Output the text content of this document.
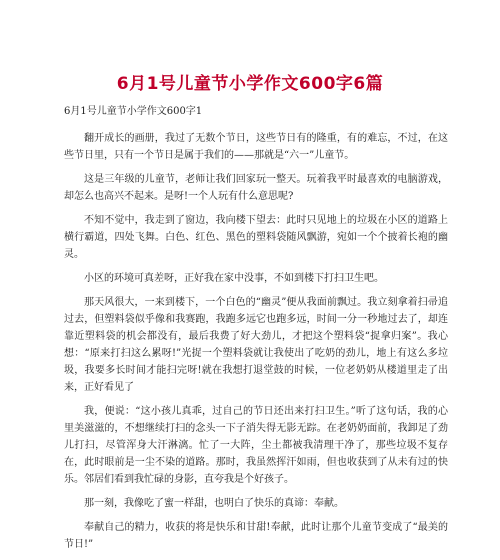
6月1号儿童节小学作文600字6篇
6月1号儿童节小学作文600字1

翻开成长的画册，我过了无数个节日，这些节日有的隆重，有的难忘，不过，在这些节日里，只有一个节日是属于我们的——那就是“六一”儿童节。

这是三年级的儿童节，老师让我们回家玩一整天。玩着我平时最喜欢的电脑游戏，却怎么也高兴不起来。是呀!一个人玩有什么意思呢?

不知不觉中，我走到了窗边，我向楼下望去：此时只见地上的垃圾在小区的道路上横行霸道，四处飞舞。白色、红色、黑色的塑料袋随风飘游，宛如一个个披着长袍的幽灵。

小区的环境可真差呀，正好我在家中没事，不如到楼下打扫卫生吧。

那天风很大，一来到楼下，一个白色的“幽灵”便从我面前飘过。我立刻拿着扫帚追过去，但塑料袋似乎像和我赛跑，我跑多远它也跑多远，时间一分一秒地过去了，却连靠近塑料袋的机会都没有，最后我费了好大劲儿，才把这个塑料袋“捉拿归案”。我心想：“原来打扫这么累呀!”光捉一个塑料袋就让我使出了吃奶的劲儿，地上有这么多垃圾，我要多长时间才能扫完呀!就在我想打退堂鼓的时候，一位老奶奶从楼道里走了出来，正好看见了

我，便说：“这小孩儿真乖，过自己的节日还出来打扫卫生。”听了这句话，我的心里美滋滋的，不想继续打扫的念头一下子消失得无影无踪。在老奶奶面前，我卸足了劲儿打扫，尽管浑身大汗淋漓。忙了一大阵，尘土都被我清理干净了，那些垃圾不复存在，此时眼前是一尘不染的道路。那时，我虽然挥汗如雨，但也收获到了从未有过的快乐。邻居们看到我忙碌的身影，直夸我是个好孩子。

那一刻，我像吃了蜜一样甜，也明白了快乐的真谛：奉献。

奉献自己的精力，收获的将是快乐和甘甜!奉献，此时让那个儿童节变成了“最美的节日!”
